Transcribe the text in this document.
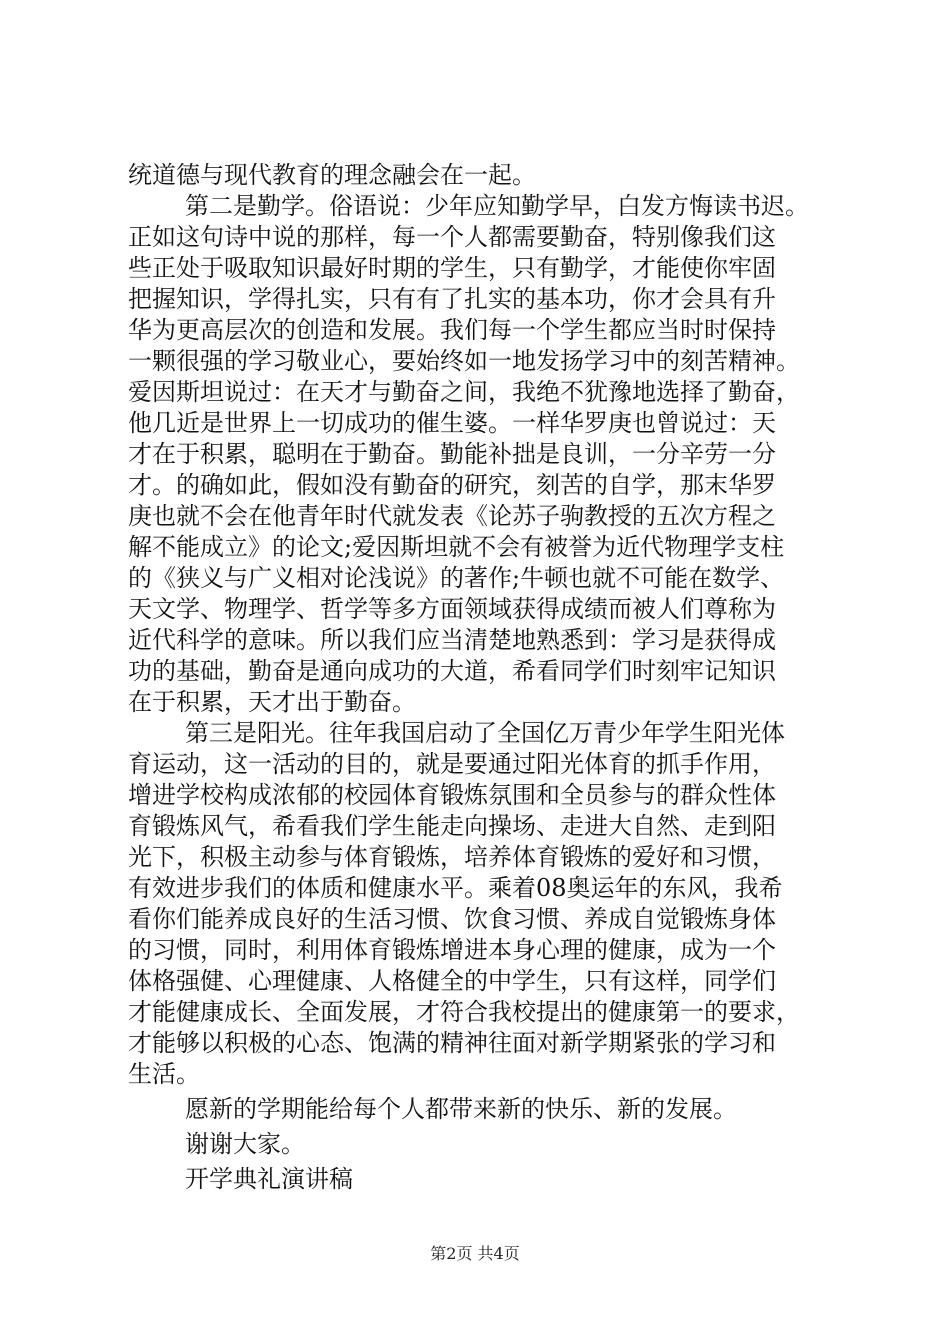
统道德与现代教育的理念融会在一起。
第二是勤学。俗语说：少年应知勤学早，白发方悔读书迟。
正如这句诗中说的那样，每一个人都需要勤奋，特别像我们这
些正处于吸取知识最好时期的学生，只有勤学，才能使你牢固
把握知识，学得扎实，只有有了扎实的基本功，你才会具有升
华为更高层次的创造和发展。我们每一个学生都应当时时保持
一颗很强的学习敬业心，要始终如一地发扬学习中的刻苦精神。
爱因斯坦说过：在天才与勤奋之间，我绝不犹豫地选择了勤奋，
他几近是世界上一切成功的催生婆。一样华罗庚也曾说过：天
才在于积累，聪明在于勤奋。勤能补拙是良训，一分辛劳一分
才。的确如此，假如没有勤奋的研究，刻苦的自学，那末华罗
庚也就不会在他青年时代就发表《论苏子驹教授的五次方程之
解不能成立》的论文;爱因斯坦就不会有被誉为近代物理学支柱
的《狭义与广义相对论浅说》的著作;牛顿也就不可能在数学、
天文学、物理学、哲学等多方面领域获得成绩而被人们尊称为
近代科学的意味。所以我们应当清楚地熟悉到：学习是获得成
功的基础，勤奋是通向成功的大道，希看同学们时刻牢记知识
在于积累，天才出于勤奋。
第三是阳光。往年我国启动了全国亿万青少年学生阳光体
育运动，这一活动的目的，就是要通过阳光体育的抓手作用，
增进学校构成浓郁的校园体育锻炼氛围和全员参与的群众性体
育锻炼风气，希看我们学生能走向操场、走进大自然、走到阳
光下，积极主动参与体育锻炼，培养体育锻炼的爱好和习惯，
有效进步我们的体质和健康水平。乘着08奥运年的东风，我希
看你们能养成良好的生活习惯、饮食习惯、养成自觉锻炼身体
的习惯，同时，利用体育锻炼增进本身心理的健康，成为一个
体格强健、心理健康、人格健全的中学生，只有这样，同学们
才能健康成长、全面发展，才符合我校提出的健康第一的要求，
才能够以积极的心态、饱满的精神往面对新学期紧张的学习和
生活。
愿新的学期能给每个人都带来新的快乐、新的发展。
谢谢大家。
开学典礼演讲稿
第2页 共4页
